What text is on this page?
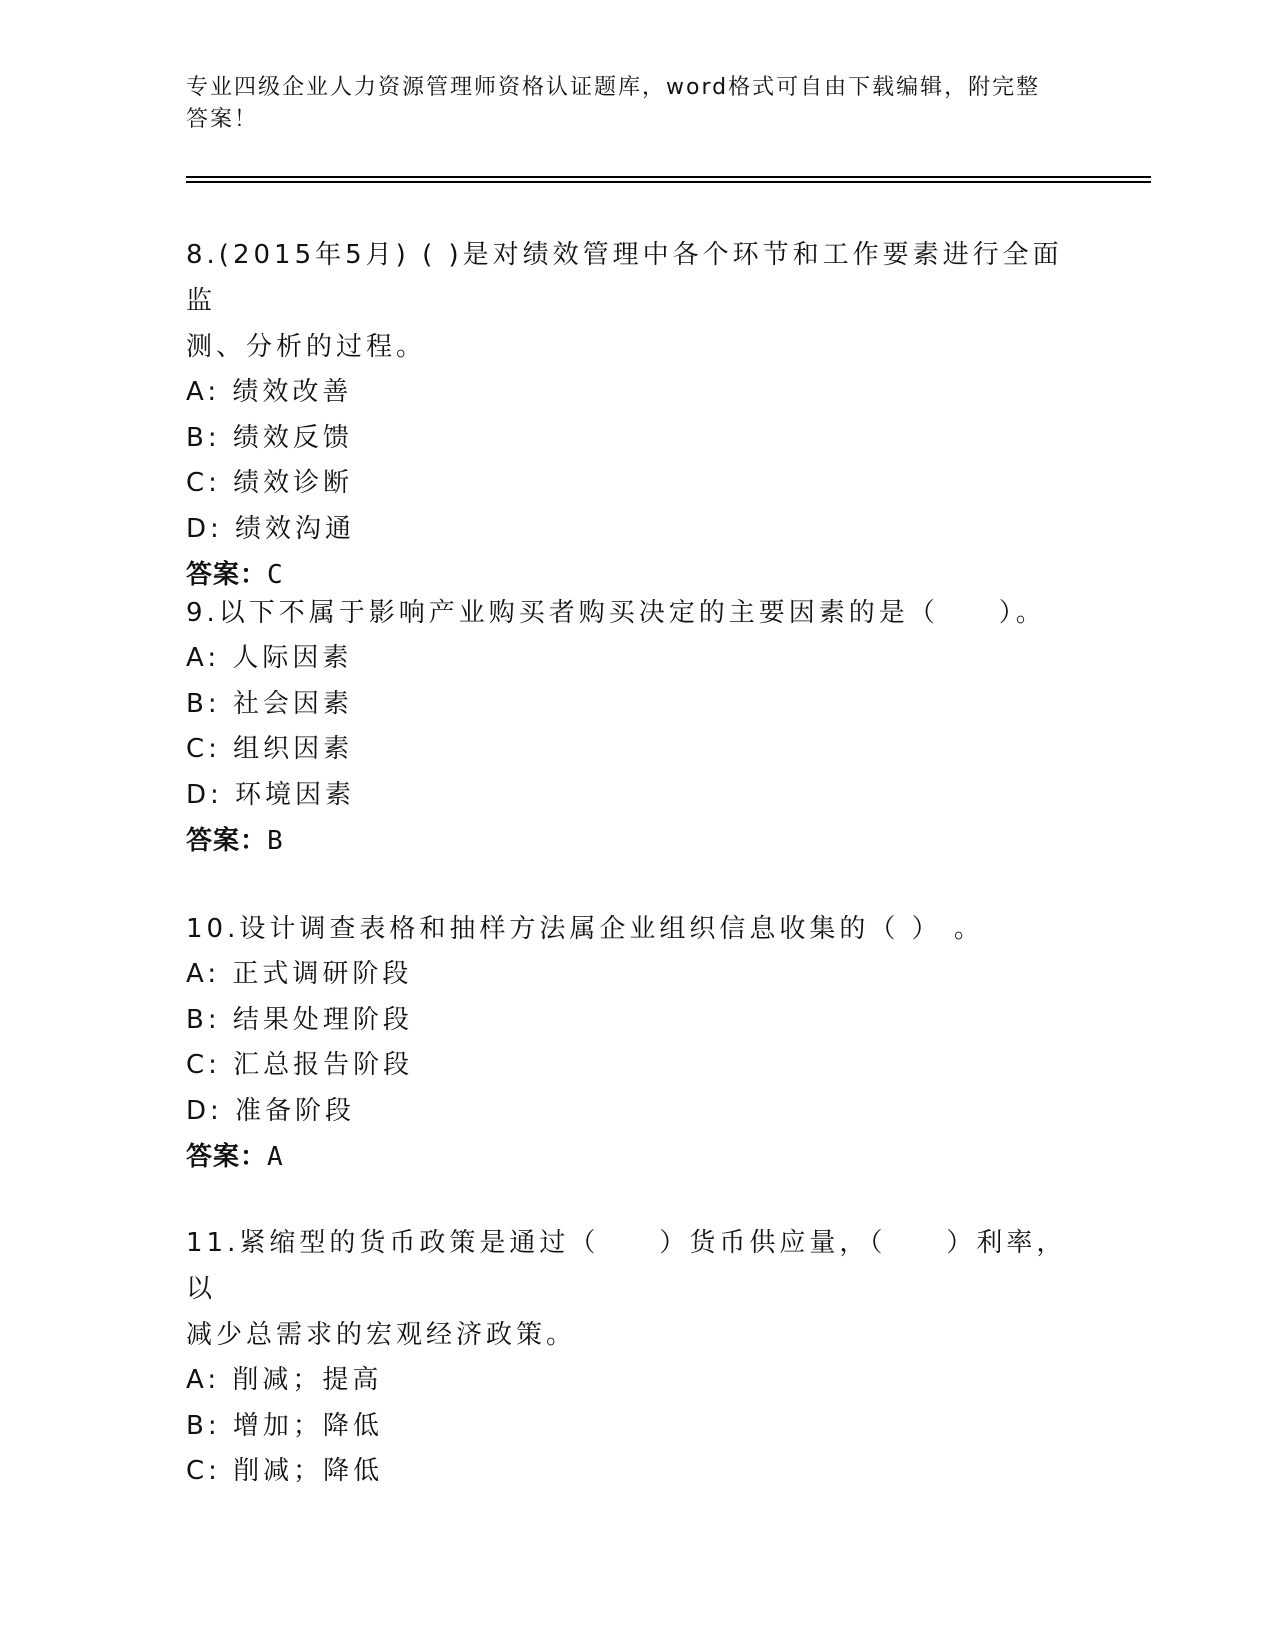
专业四级企业人力资源管理师资格认证题库，word格式可自由下载编辑，附完整
答案！

8.(2015年5月) ( )是对绩效管理中各个环节和工作要素进行全面监

测、分析的过程。

A: 绩效改善

B: 绩效反馈

C: 绩效诊断

D: 绩效沟通

答案：C

9.以下不属于影响产业购买者购买决定的主要因素的是（　　）。

A: 人际因素

B: 社会因素

C: 组织因素

D: 环境因素

答案：B

10.设计调查表格和抽样方法属企业组织信息收集的（ ） 。

A: 正式调研阶段

B: 结果处理阶段

C: 汇总报告阶段

D: 准备阶段

答案：A

11.紧缩型的货币政策是通过（　　）货币供应量，（　　）利率，以

减少总需求的宏观经济政策。

A: 削减；提高

B: 增加；降低

C: 削减；降低
